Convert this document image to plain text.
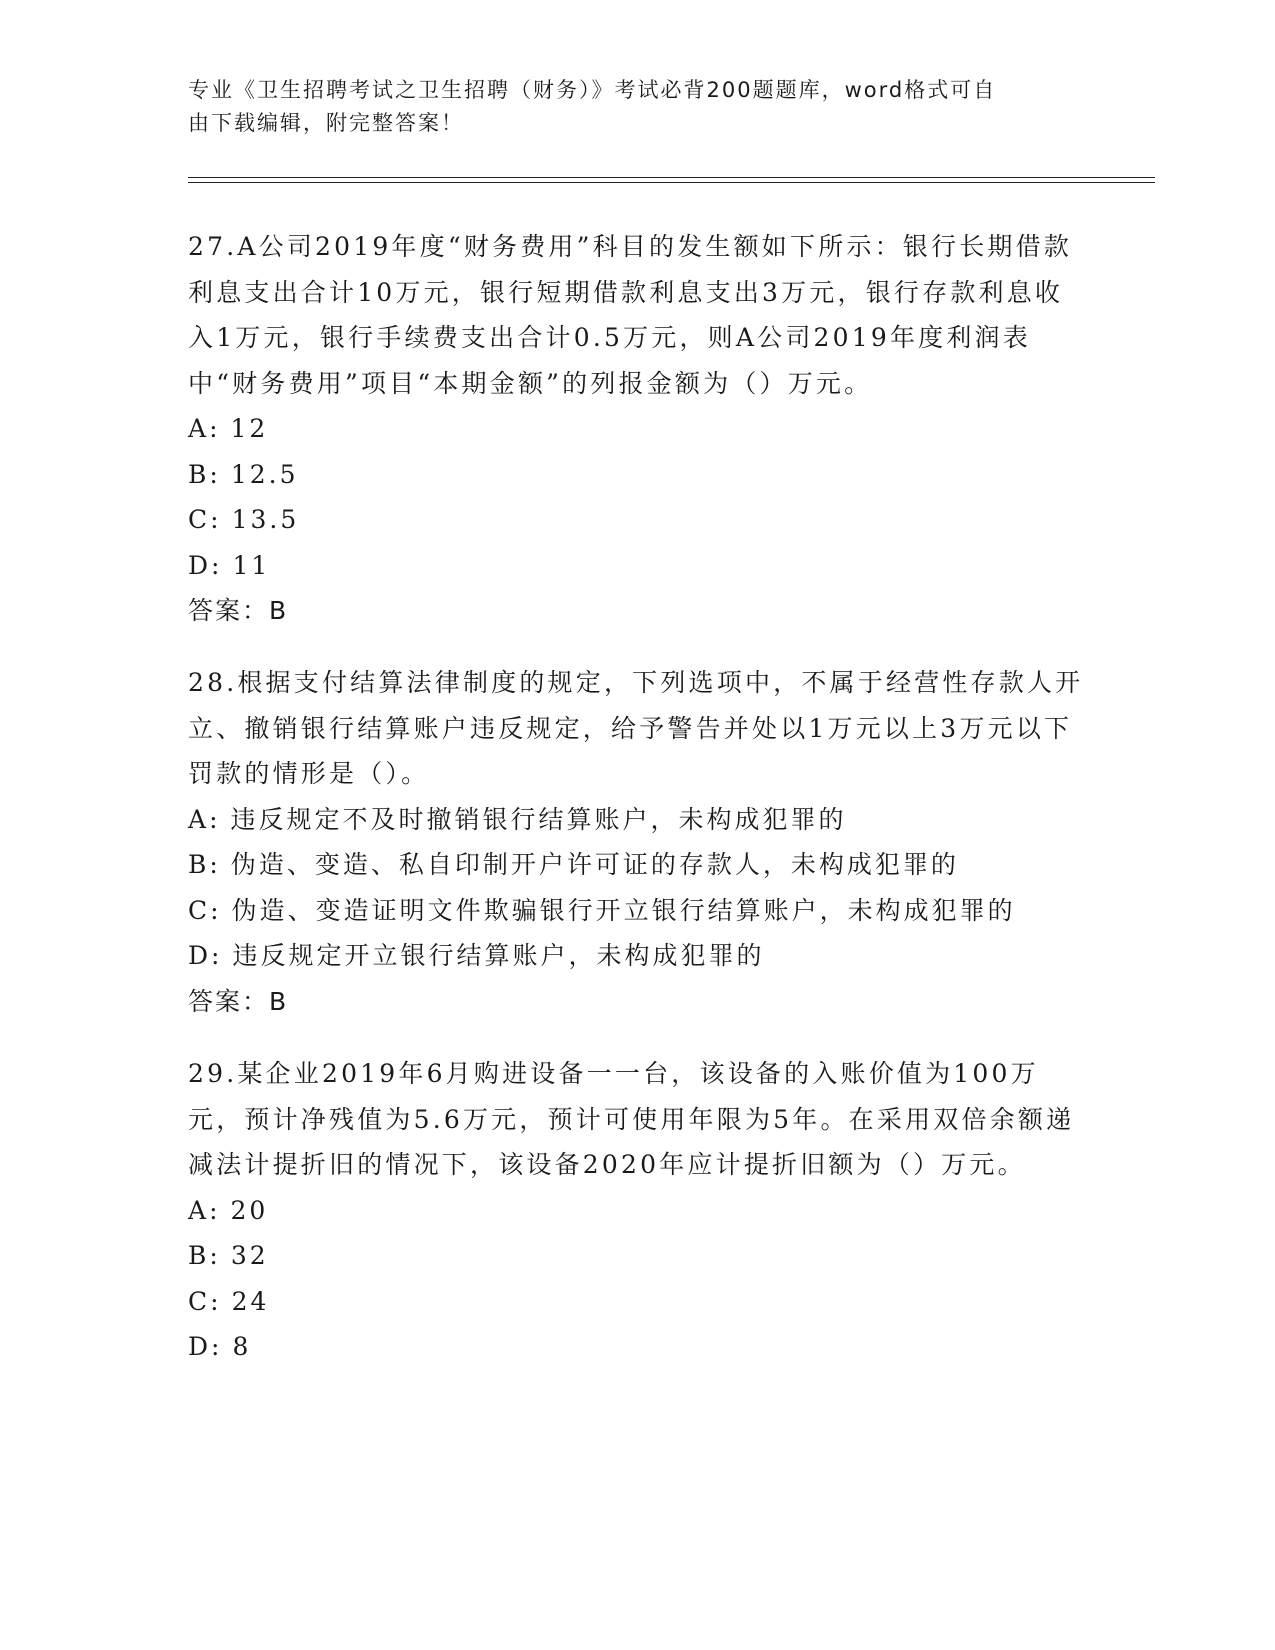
专业《卫生招聘考试之卫生招聘（财务）》考试必背200题题库，word格式可自
由下载编辑，附完整答案！

27.A公司2019年度“财务费用”科目的发生额如下所示：银行长期借款利息支出合计10万元，银行短期借款利息支出3万元，银行存款利息收入1万元，银行手续费支出合计0.5万元，则A公司2019年度利润表中“财务费用”项目“本期金额”的列报金额为（）万元。

A: 12

B: 12.5

C: 13.5

D: 11

答案：B

28.根据支付结算法律制度的规定，下列选项中，不属于经营性存款人开立、撤销银行结算账户违反规定，给予警告并处以1万元以上3万元以下罚款的情形是（）。

A: 违反规定不及时撤销银行结算账户，未构成犯罪的

B: 伪造、变造、私自印制开户许可证的存款人，未构成犯罪的

C: 伪造、变造证明文件欺骗银行开立银行结算账户，未构成犯罪的

D: 违反规定开立银行结算账户，未构成犯罪的

答案：B

29.某企业2019年6月购进设备一一台，该设备的入账价值为100万元，预计净残值为5.6万元，预计可使用年限为5年。在采用双倍余额递减法计提折旧的情况下，该设备2020年应计提折旧额为（）万元。

A: 20

B: 32

C: 24

D: 8
